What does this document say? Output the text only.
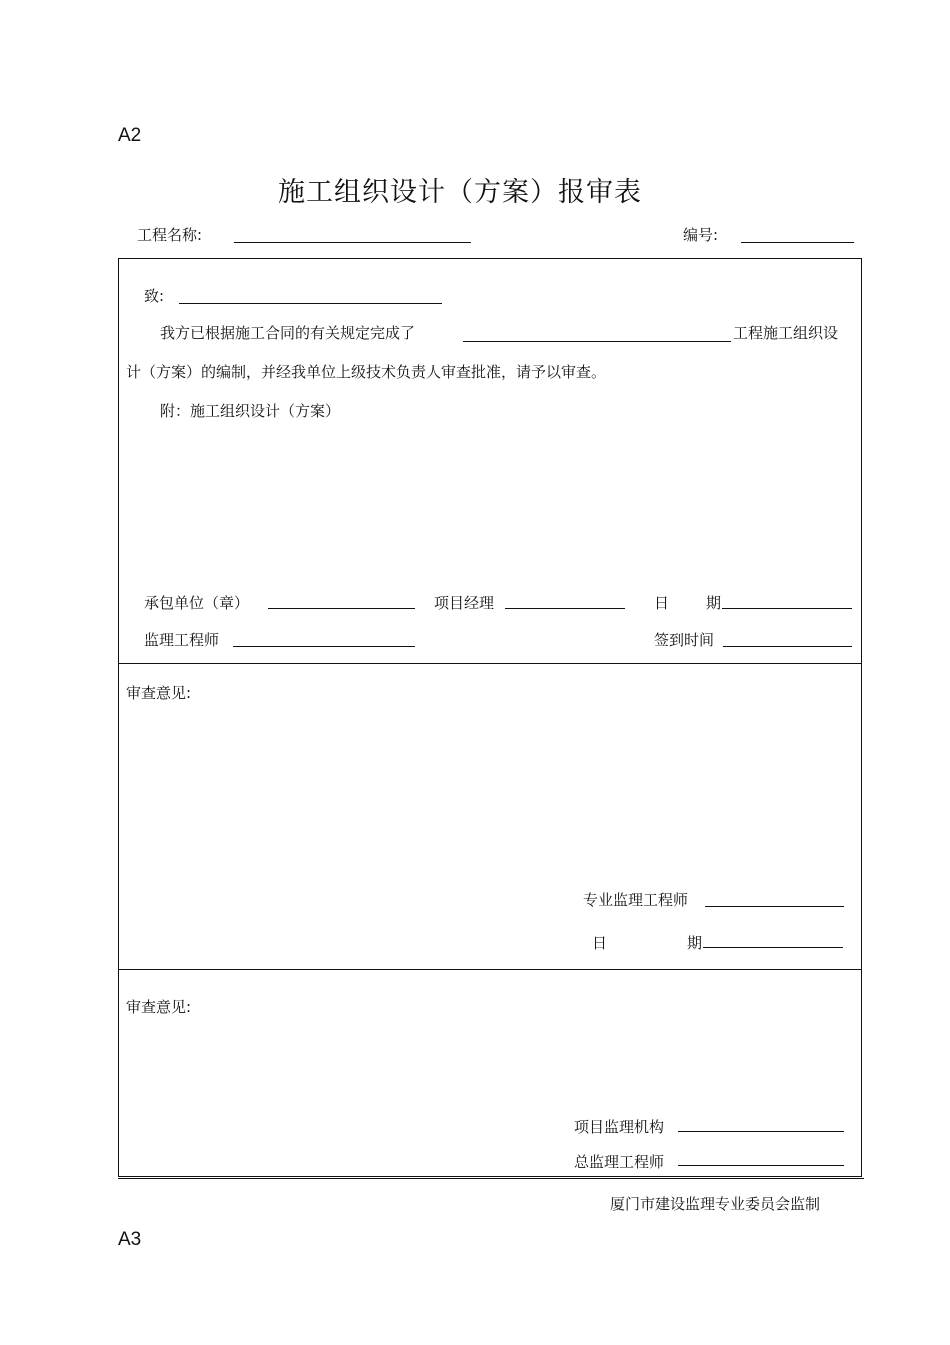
A2
施工组织设计（方案）报审表
工程名称:	编号:
致:
我方已根据施工合同的有关规定完成了	工程施工组织设
计（方案）的编制，并经我单位上级技术负责人审查批准，请予以审查。
附：施工组织设计（方案）
承包单位（章）	项目经理	日 期
监理工程师	签到时间
审查意见:
专业监理工程师
日	期
审查意见:
项目监理机构
总监理工程师
厦门市建设监理专业委员会监制
A3
